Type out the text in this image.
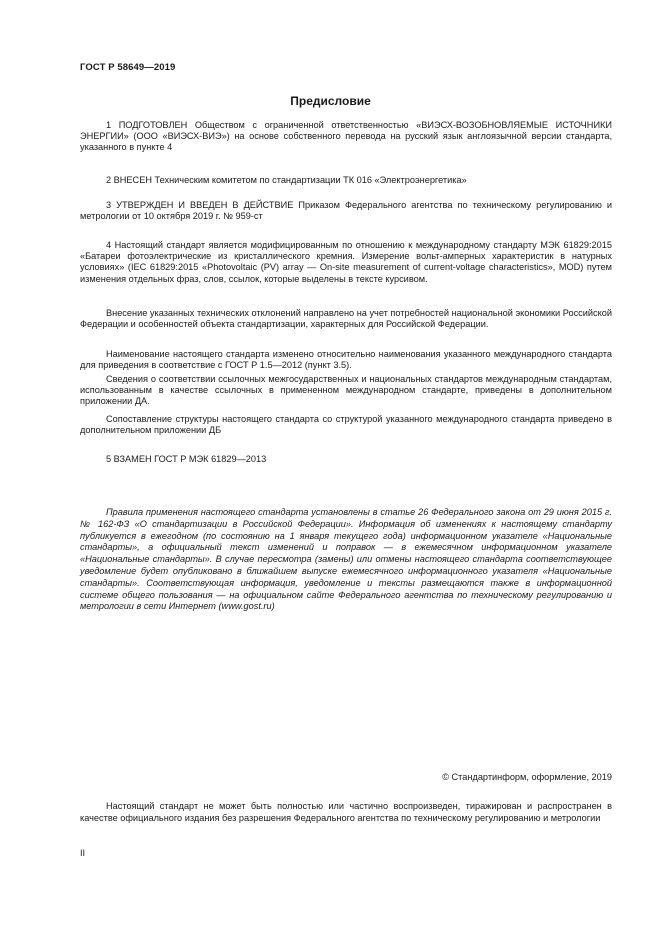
ГОСТ Р 58649—2019
Предисловие

1 ПОДГОТОВЛЕН Обществом с ограниченной ответственностью «ВИЭСХ-ВОЗОБНОВЛЯЕМЫЕ ИСТОЧНИКИ ЭНЕРГИИ» (ООО «ВИЭСХ-ВИЭ») на основе собственного перевода на русский язык англоязычной версии стандарта, указанного в пункте 4

2 ВНЕСЕН Техническим комитетом по стандартизации ТК 016 «Электроэнергетика»

3 УТВЕРЖДЕН И ВВЕДЕН В ДЕЙСТВИЕ Приказом Федерального агентства по техническому регулированию и метрологии от 10 октября 2019 г. № 959-ст

4 Настоящий стандарт является модифицированным по отношению к международному стандарту МЭК 61829:2015 «Батареи фотоэлектрические из кристаллического кремния. Измерение вольт-амперных характеристик в натурных условиях» (IEC 61829:2015 «Photovoltaic (PV) array — On-site measurement of current-voltage characteristics», MOD) путем изменения отдельных фраз, слов, ссылок, которые выделены в тексте курсивом.

Внесение указанных технических отклонений направлено на учет потребностей национальной экономики Российской Федерации и особенностей объекта стандартизации, характерных для Российской Федерации.

Наименование настоящего стандарта изменено относительно наименования указанного международного стандарта для приведения в соответствие с ГОСТ Р 1.5—2012 (пункт 3.5).

Сведения о соответствии ссылочных межгосударственных и национальных стандартов международным стандартам, использованным в качестве ссылочных в примененном международном стандарте, приведены в дополнительном приложении ДА.

Сопоставление структуры настоящего стандарта со структурой указанного международного стандарта приведено в дополнительном приложении ДБ

5 ВЗАМЕН ГОСТ Р МЭК 61829—2013

Правила применения настоящего стандарта установлены в статье 26 Федерального закона от 29 июня 2015 г. № 162-ФЗ «О стандартизации в Российской Федерации». Информация об изменениях к настоящему стандарту публикуется в ежегодном (по состоянию на 1 января текущего года) информационном указателе «Национальные стандарты», а официальный текст изменений и поправок — в ежемесячном информационном указателе «Национальные стандарты». В случае пересмотра (замены) или отмены настоящего стандарта соответствующее уведомление будет опубликовано в ближайшем выпуске ежемесячного информационного указателя «Национальные стандарты». Соответствующая информация, уведомление и тексты размещаются также в информационной системе общего пользования — на официальном сайте Федерального агентства по техническому регулированию и метрологии в сети Интернет (www.gost.ru)

© Стандартинформ, оформление, 2019

Настоящий стандарт не может быть полностью или частично воспроизведен, тиражирован и распространен в качестве официального издания без разрешения Федерального агентства по техническому регулированию и метрологии

II
